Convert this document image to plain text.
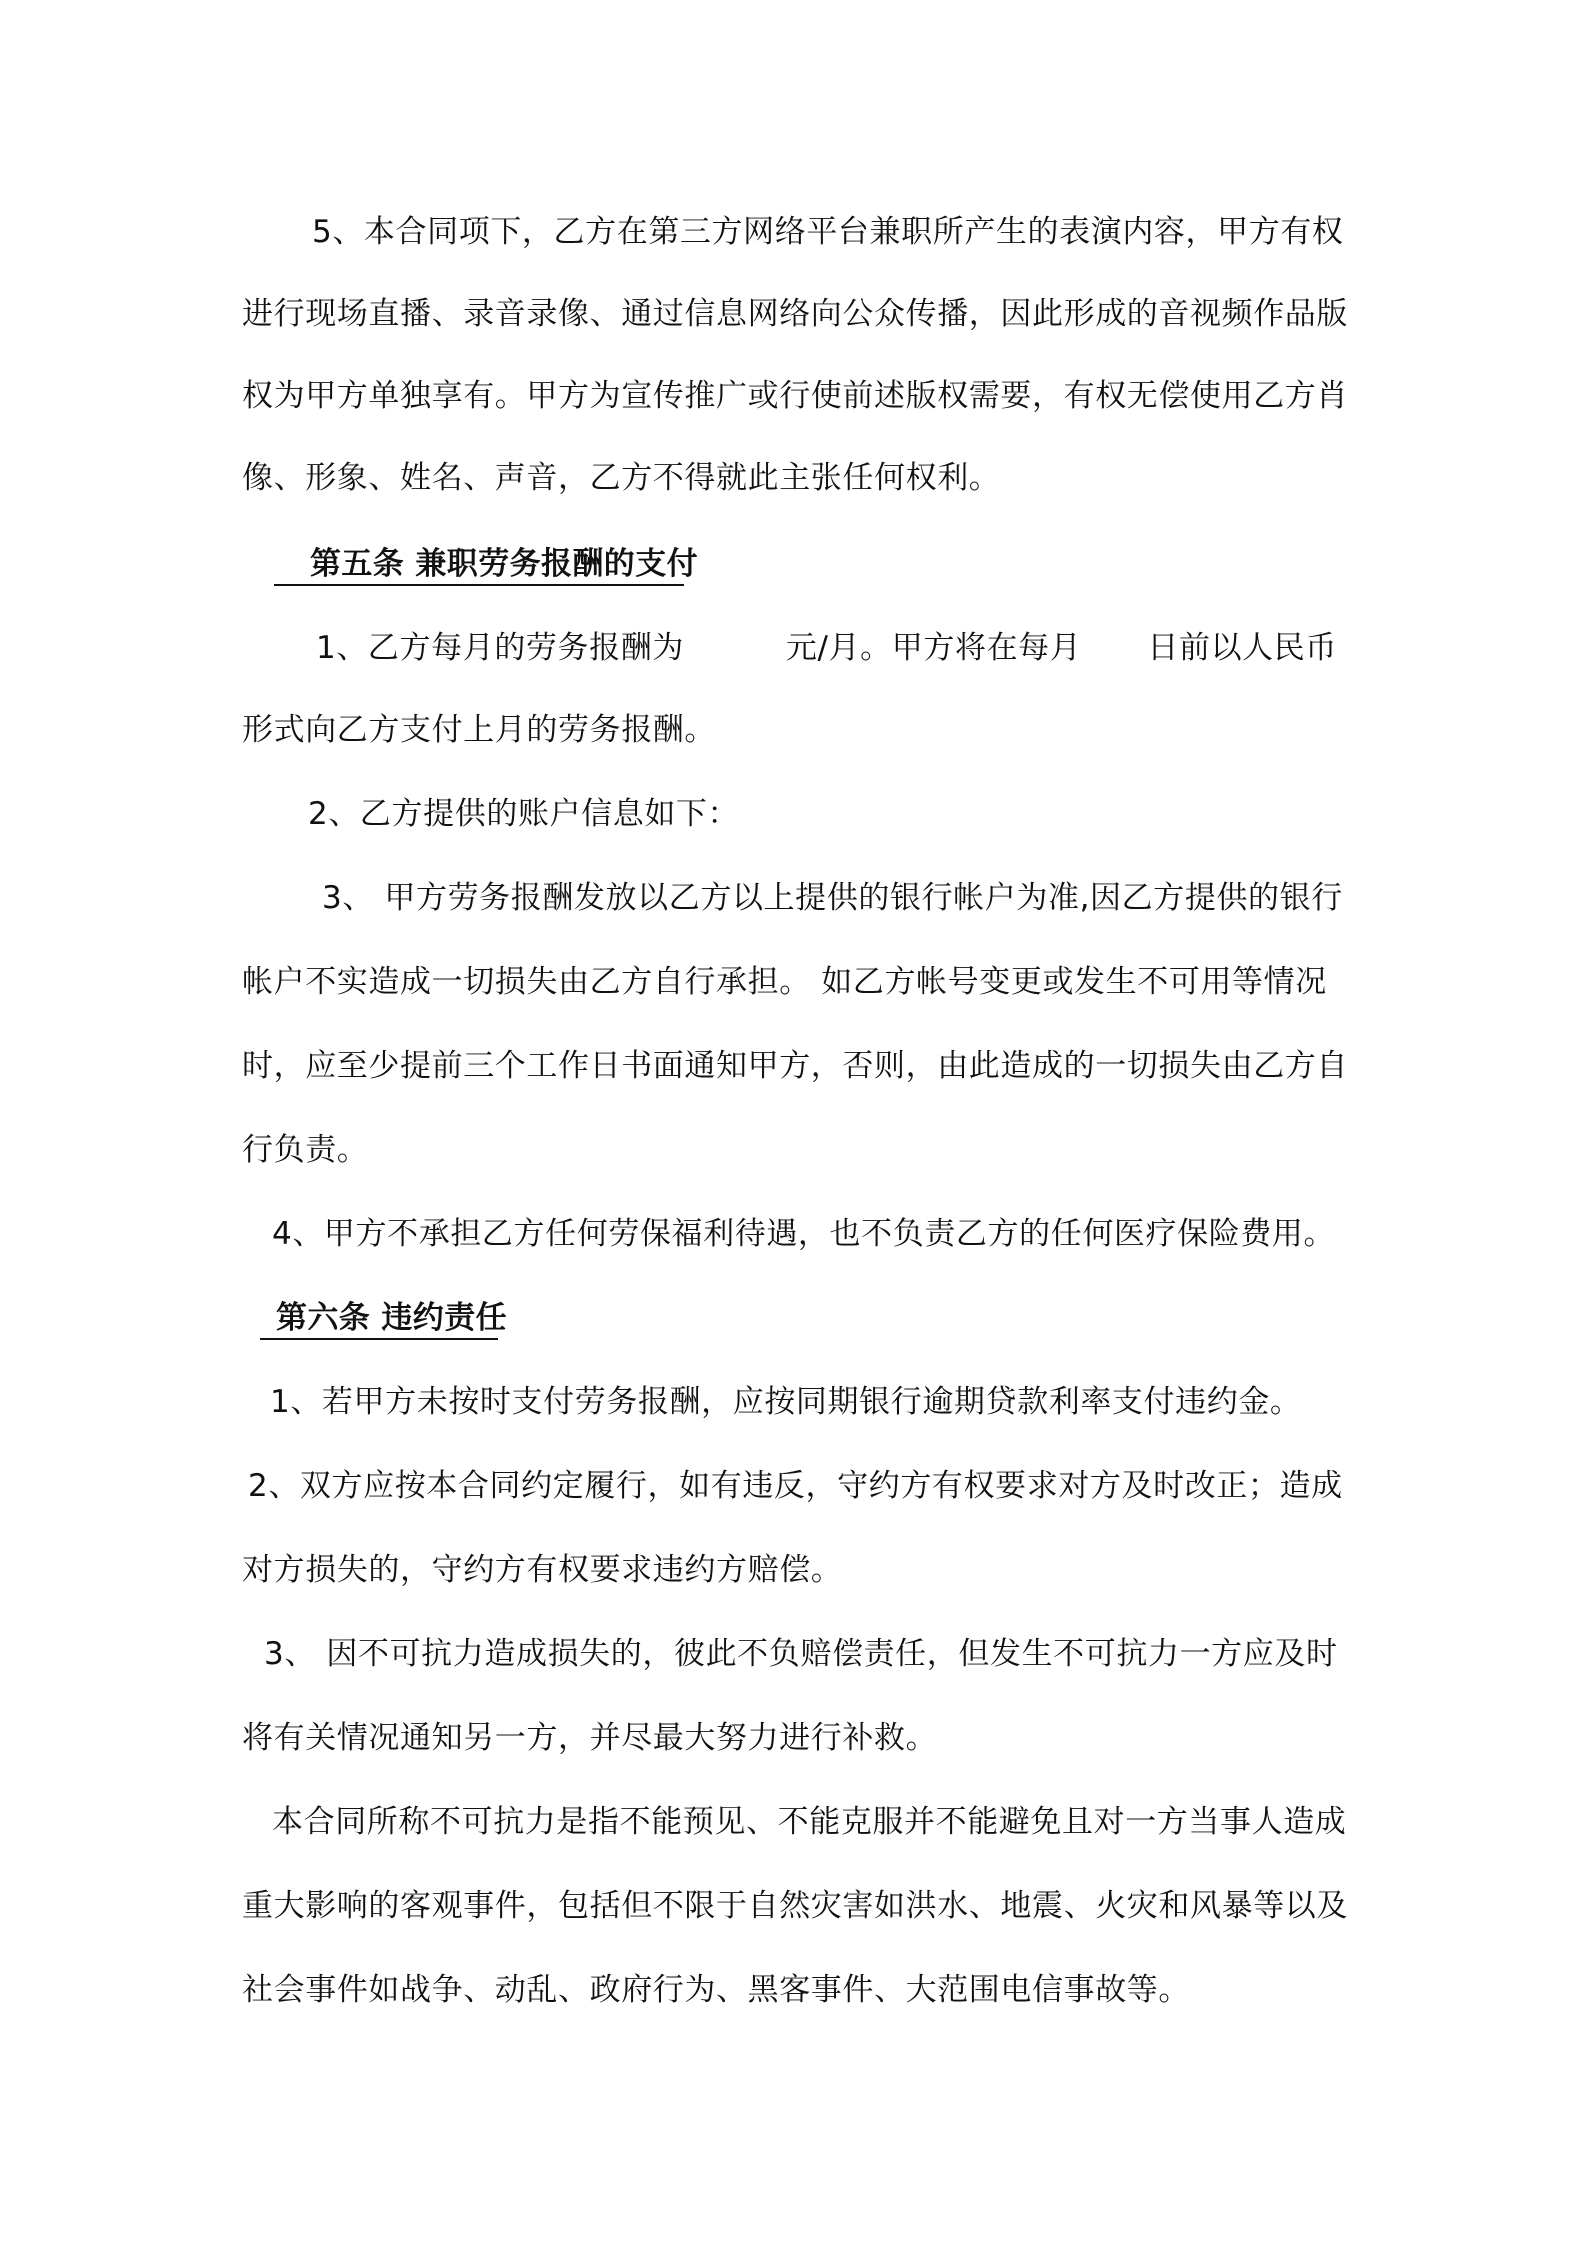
5、本合同项下，乙方在第三方网络平台兼职所产生的表演内容，甲方有权
进行现场直播、录音录像、通过信息网络向公众传播，因此形成的音视频作品版
权为甲方单独享有。甲方为宣传推广或行使前述版权需要，有权无偿使用乙方肖
像、形象、姓名、声音，乙方不得就此主张任何权利。
第五条 兼职劳务报酬的支付
1、乙方每月的劳务报酬为	元/月。甲方将在每月 日前以人民币
形式向乙方支付上月的劳务报酬。
2、乙方提供的账户信息如下：
3、 甲方劳务报酬发放以乙方以上提供的银行帐户为准,因乙方提供的银行
帐户不实造成一切损失由乙方自行承担。 如乙方帐号变更或发生不可用等情况
时，应至少提前三个工作日书面通知甲方，否则，由此造成的一切损失由乙方自
行负责。
4、甲方不承担乙方任何劳保福利待遇，也不负责乙方的任何医疗保险费用。
第六条 违约责任
1、若甲方未按时支付劳务报酬，应按同期银行逾期贷款利率支付违约金。
2、双方应按本合同约定履行，如有违反，守约方有权要求对方及时改正；造成
对方损失的，守约方有权要求违约方赔偿。
3、 因不可抗力造成损失的，彼此不负赔偿责任，但发生不可抗力一方应及时
将有关情况通知另一方，并尽最大努力进行补救。
本合同所称不可抗力是指不能预见、不能克服并不能避免且对一方当事人造成
重大影响的客观事件，包括但不限于自然灾害如洪水、地震、火灾和风暴等以及
社会事件如战争、动乱、政府行为、黑客事件、大范围电信事故等。
